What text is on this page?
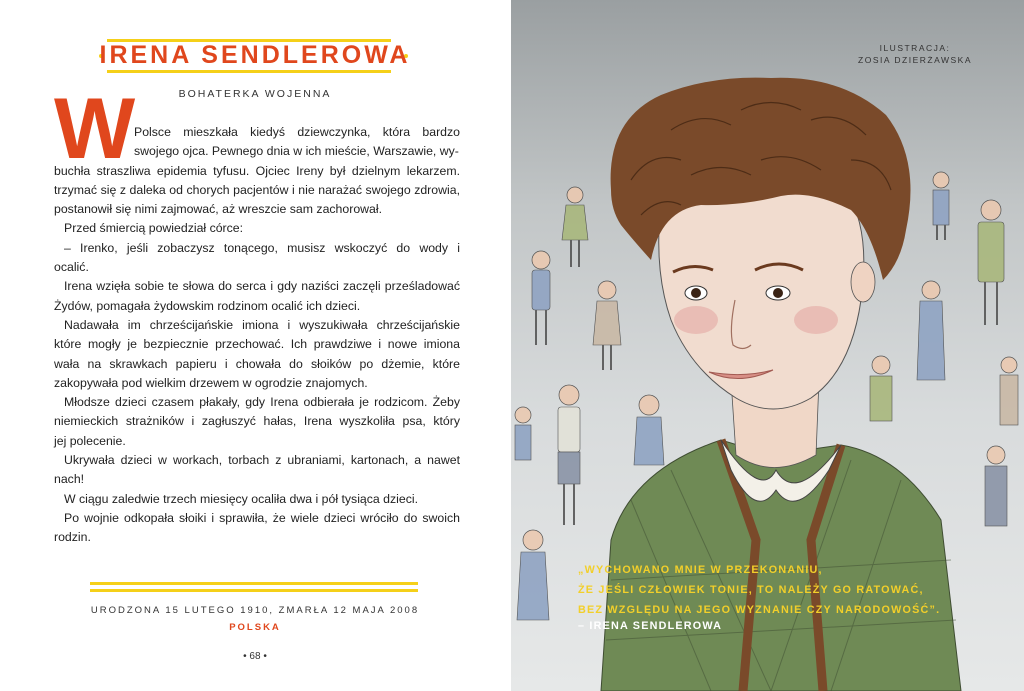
IRENA SENDLEROWA
BOHATERKA WOJENNA
W
Polsce mieszkała kiedyś dziewczynka, która bardzo
swojego ojca. Pewnego dnia w ich mieście, Warszawie, wy-
buchła straszliwa epidemia tyfusu. Ojciec Ireny był dzielnym lekarzem.
trzymać się z daleka od chorych pacjentów i nie narażać swojego zdrowia,
postanowił się nimi zajmować, aż wreszcie sam zachorował.
Przed śmiercią powiedział córce:
– Irenko, jeśli zobaczysz tonącego, musisz wskoczyć do wody i
ocalić.
Irena wzięła sobie te słowa do serca i gdy naziści zaczęli prześladować
Żydów, pomagała żydowskim rodzinom ocalić ich dzieci.
Nadawała im chrześcijańskie imiona i wyszukiwała chrześcijańskie
które mogły je bezpiecznie przechować. Ich prawdziwe i nowe imiona
wała na skrawkach papieru i chowała do słoików po dżemie, które
zakopywała pod wielkim drzewem w ogrodzie znajomych.
Młodsze dzieci czasem płakały, gdy Irena odbierała je rodzicom. Żeby
niemieckich strażników i zagłuszyć hałas, Irena wyszkoliła psa, który
jej polecenie.
Ukrywała dzieci w workach, torbach z ubraniami, kartonach, a nawet
nach!
W ciągu zaledwie trzech miesięcy ocaliła dwa i pół tysiąca dzieci.
Po wojnie odkopała słoiki i sprawiła, że wiele dzieci wróciło do swoich
rodzin.
URODZONA 15 LUTEGO 1910, ZMARŁA 12 MAJA 2008
POLSKA
• 68 •
ILUSTRACJA:
ZOSIA DZIERŻAWSKA
„WYCHOWANO MNIE W PRZEKONANIU,
ŻE JEŚLI CZŁOWIEK TONIE, TO NALEŻY GO RATOWAĆ,
BEZ WZGLĘDU NA JEGO WYZNANIE CZY NARODOWOŚĆ”.
– IRENA SENDLEROWA
